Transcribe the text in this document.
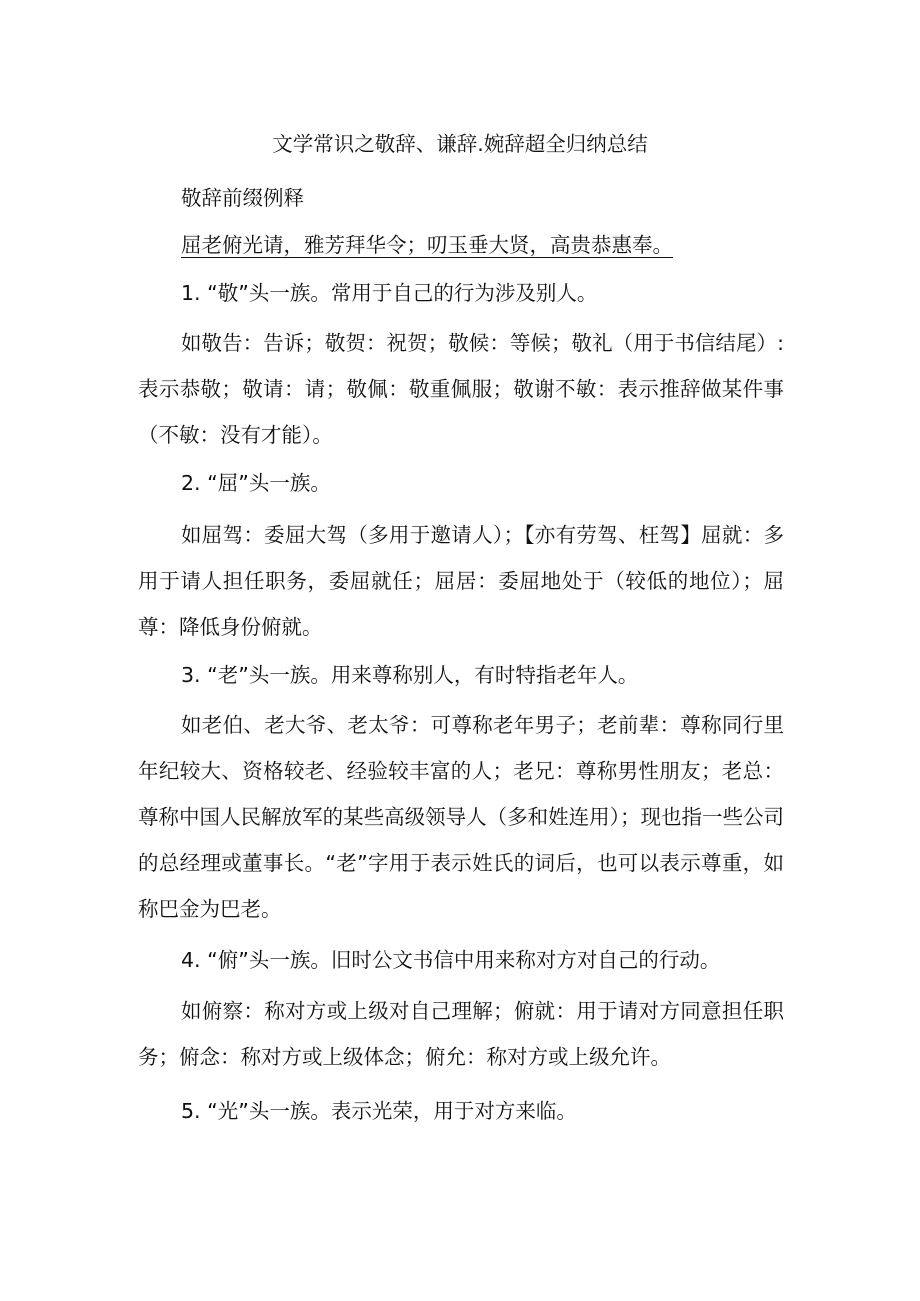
文学常识之敬辞、谦辞.婉辞超全归纳总结
敬辞前缀例释
屈老俯光请，雅芳拜华令；叨玉垂大贤，高贵恭惠奉。
1. “敬”头一族。常用于自己的行为涉及别人。
如敬告：告诉；敬贺：祝贺；敬候：等候；敬礼（用于书信结尾）:表示恭敬；敬请：请；敬佩：敬重佩服；敬谢不敏：表示推辞做某件事（不敏：没有才能）。
2. “屈”头一族。
如屈驾：委屈大驾（多用于邀请人）；【亦有劳驾、枉驾】屈就：多用于请人担任职务，委屈就任；屈居：委屈地处于（较低的地位）；屈尊：降低身份俯就。
3. “老”头一族。用来尊称别人，有时特指老年人。
如老伯、老大爷、老太爷：可尊称老年男子；老前辈：尊称同行里年纪较大、资格较老、经验较丰富的人；老兄：尊称男性朋友；老总：尊称中国人民解放军的某些高级领导人（多和姓连用）；现也指一些公司的总经理或董事长。“老”字用于表示姓氏的词后，也可以表示尊重，如称巴金为巴老。
4. “俯”头一族。旧时公文书信中用来称对方对自己的行动。
如俯察：称对方或上级对自己理解；俯就：用于请对方同意担任职务；俯念：称对方或上级体念；俯允：称对方或上级允许。
5. “光”头一族。表示光荣，用于对方来临。
